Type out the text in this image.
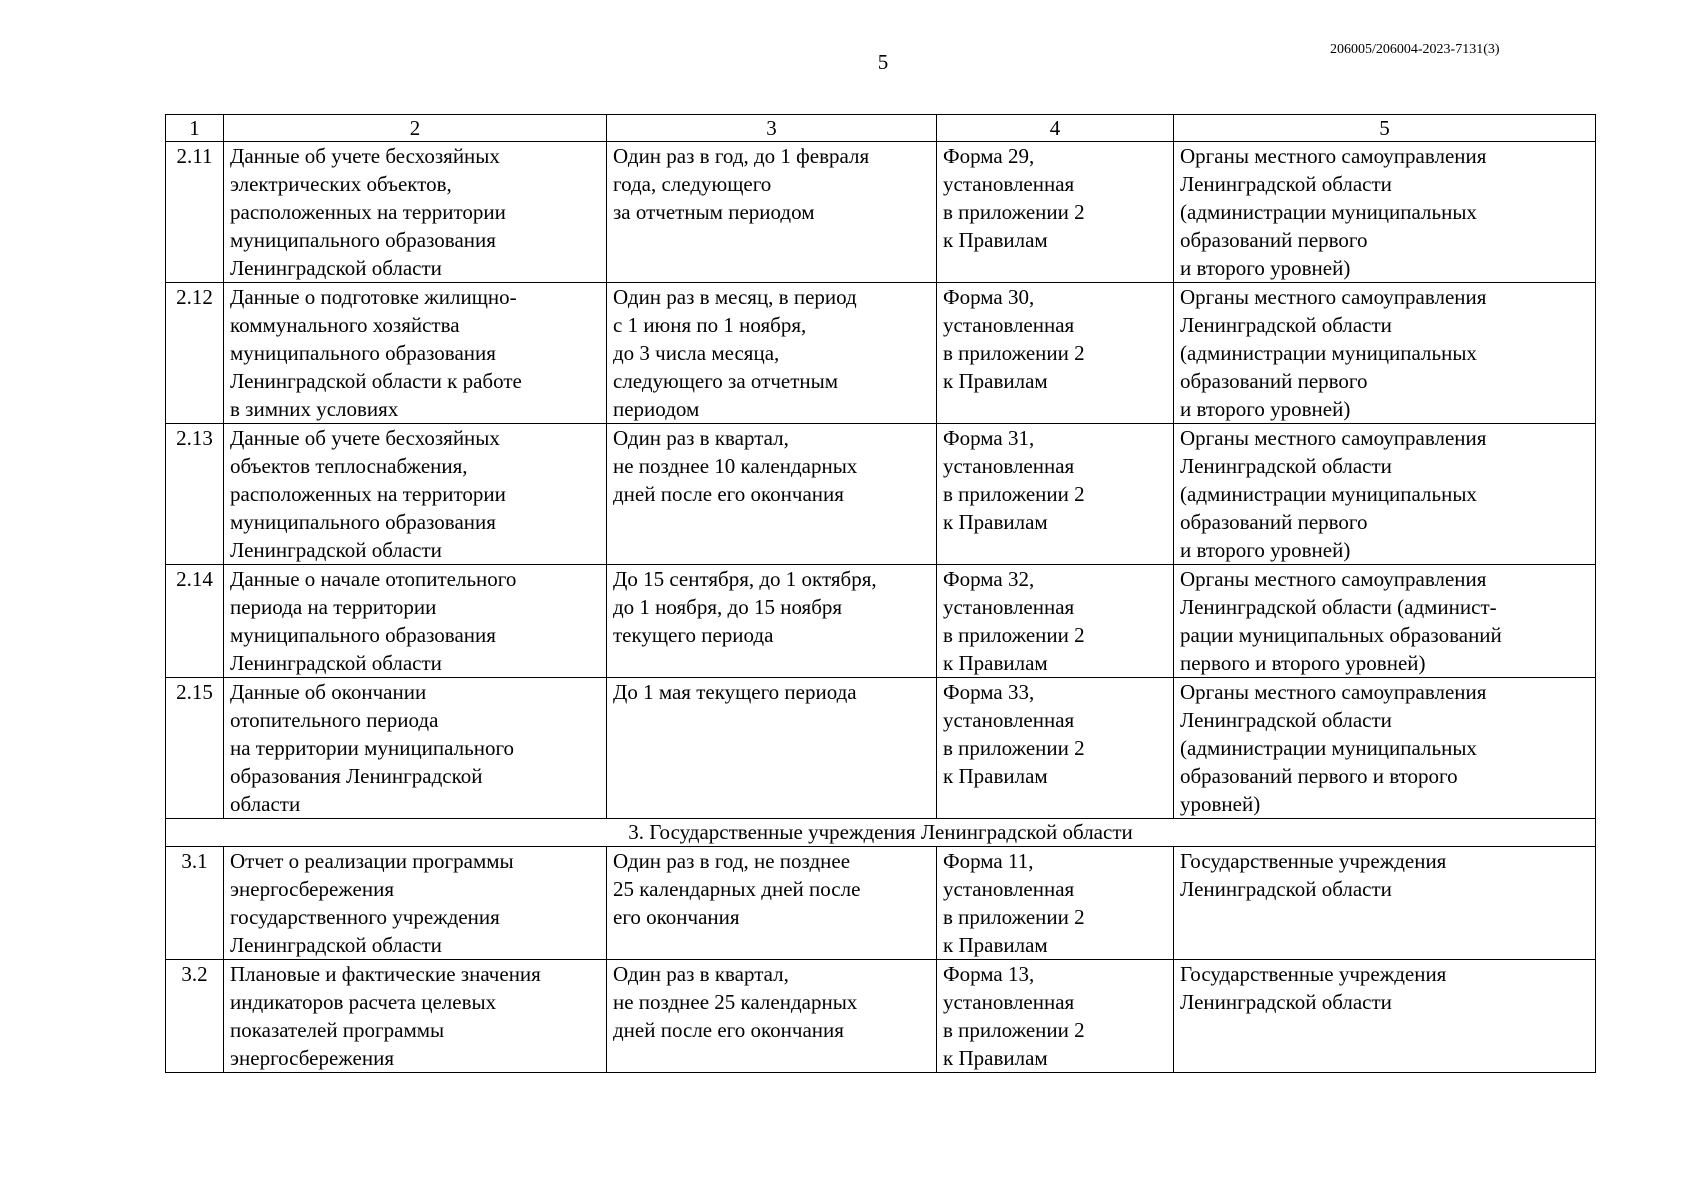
5
206005/206004-2023-7131(3)
1	2	3	4	5
2.11	Данные об учете бесхозяйных
электрических объектов,
расположенных на территории
муниципального образования
Ленинградской области	Один раз в год, до 1 февраля
года, следующего
за отчетным периодом	Форма 29,
установленная
в приложении 2
к Правилам	Органы местного самоуправления
Ленинградской области
(администрации муниципальных
образований первого
и второго уровней)
2.12	Данные о подготовке жилищно-
коммунального хозяйства
муниципального образования
Ленинградской области к работе
в зимних условиях	Один раз в месяц, в период
с 1 июня по 1 ноября,
до 3 числа месяца,
следующего за отчетным
периодом	Форма 30,
установленная
в приложении 2
к Правилам	Органы местного самоуправления
Ленинградской области
(администрации муниципальных
образований первого
и второго уровней)
2.13	Данные об учете бесхозяйных
объектов теплоснабжения,
расположенных на территории
муниципального образования
Ленинградской области	Один раз в квартал,
не позднее 10 календарных
дней после его окончания	Форма 31,
установленная
в приложении 2
к Правилам	Органы местного самоуправления
Ленинградской области
(администрации муниципальных
образований первого
и второго уровней)
2.14	Данные о начале отопительного
периода на территории
муниципального образования
Ленинградской области	До 15 сентября, до 1 октября,
до 1 ноября, до 15 ноября
текущего периода	Форма 32,
установленная
в приложении 2
к Правилам	Органы местного самоуправления
Ленинградской области (админист-
рации муниципальных образований
первого и второго уровней)
2.15	Данные об окончании
отопительного периода
на территории муниципального
образования Ленинградской
области	До 1 мая текущего периода	Форма 33,
установленная
в приложении 2
к Правилам	Органы местного самоуправления
Ленинградской области
(администрации муниципальных
образований первого и второго
уровней)
3. Государственные учреждения Ленинградской области				
3.1	Отчет о реализации программы
энергосбережения
государственного учреждения
Ленинградской области	Один раз в год, не позднее
25 календарных дней после
его окончания	Форма 11,
установленная
в приложении 2
к Правилам	Государственные учреждения
Ленинградской области
3.2	Плановые и фактические значения
индикаторов расчета целевых
показателей программы
энергосбережения	Один раз в квартал,
не позднее 25 календарных
дней после его окончания	Форма 13,
установленная
в приложении 2
к Правилам	Государственные учреждения
Ленинградской области
